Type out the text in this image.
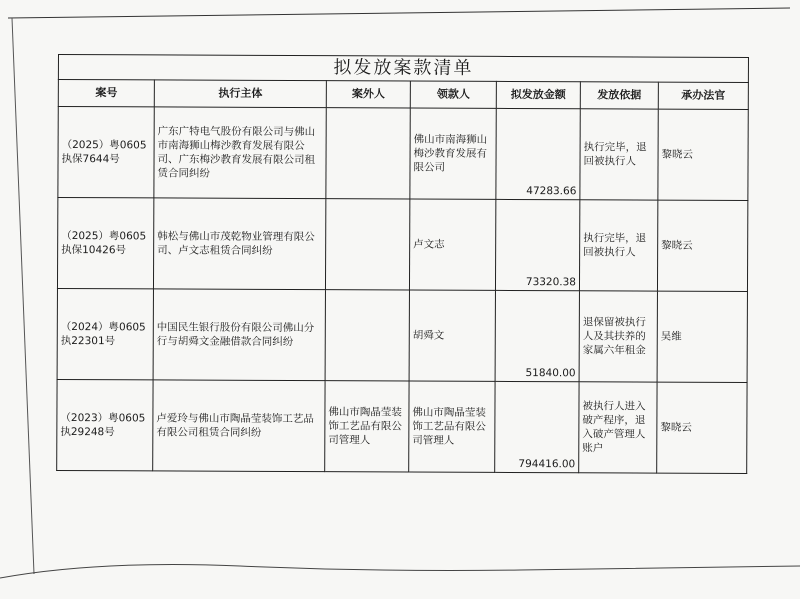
拟发放案款清单						
案号	执行主体	案外人	领款人	拟发放金额	发放依据	承办法官
（2025）粤0605执保7644号	广东广特电气股份有限公司与佛山市南海狮山梅沙教育发展有限公司、广东梅沙教育发展有限公司租赁合同纠纷		佛山市南海狮山梅沙教育发展有限公司	47283.66	执行完毕，退回被执行人	黎晓云
（2025）粤0605执保10426号	韩松与佛山市茂乾物业管理有限公司、卢文志租赁合同纠纷		卢文志	73320.38	执行完毕，退回被执行人	黎晓云
（2024）粤0605执22301号	中国民生银行股份有限公司佛山分行与胡舜文金融借款合同纠纷		胡舜文	51840.00	退保留被执行人及其扶养的家属六年租金	吴维
（2023）粤0605执29248号	卢爱玲与佛山市陶晶莹装饰工艺品有限公司租赁合同纠纷	佛山市陶晶莹装饰工艺品有限公司管理人	佛山市陶晶莹装饰工艺品有限公司管理人	794416.00	被执行人进入破产程序，退入破产管理人账户	黎晓云
